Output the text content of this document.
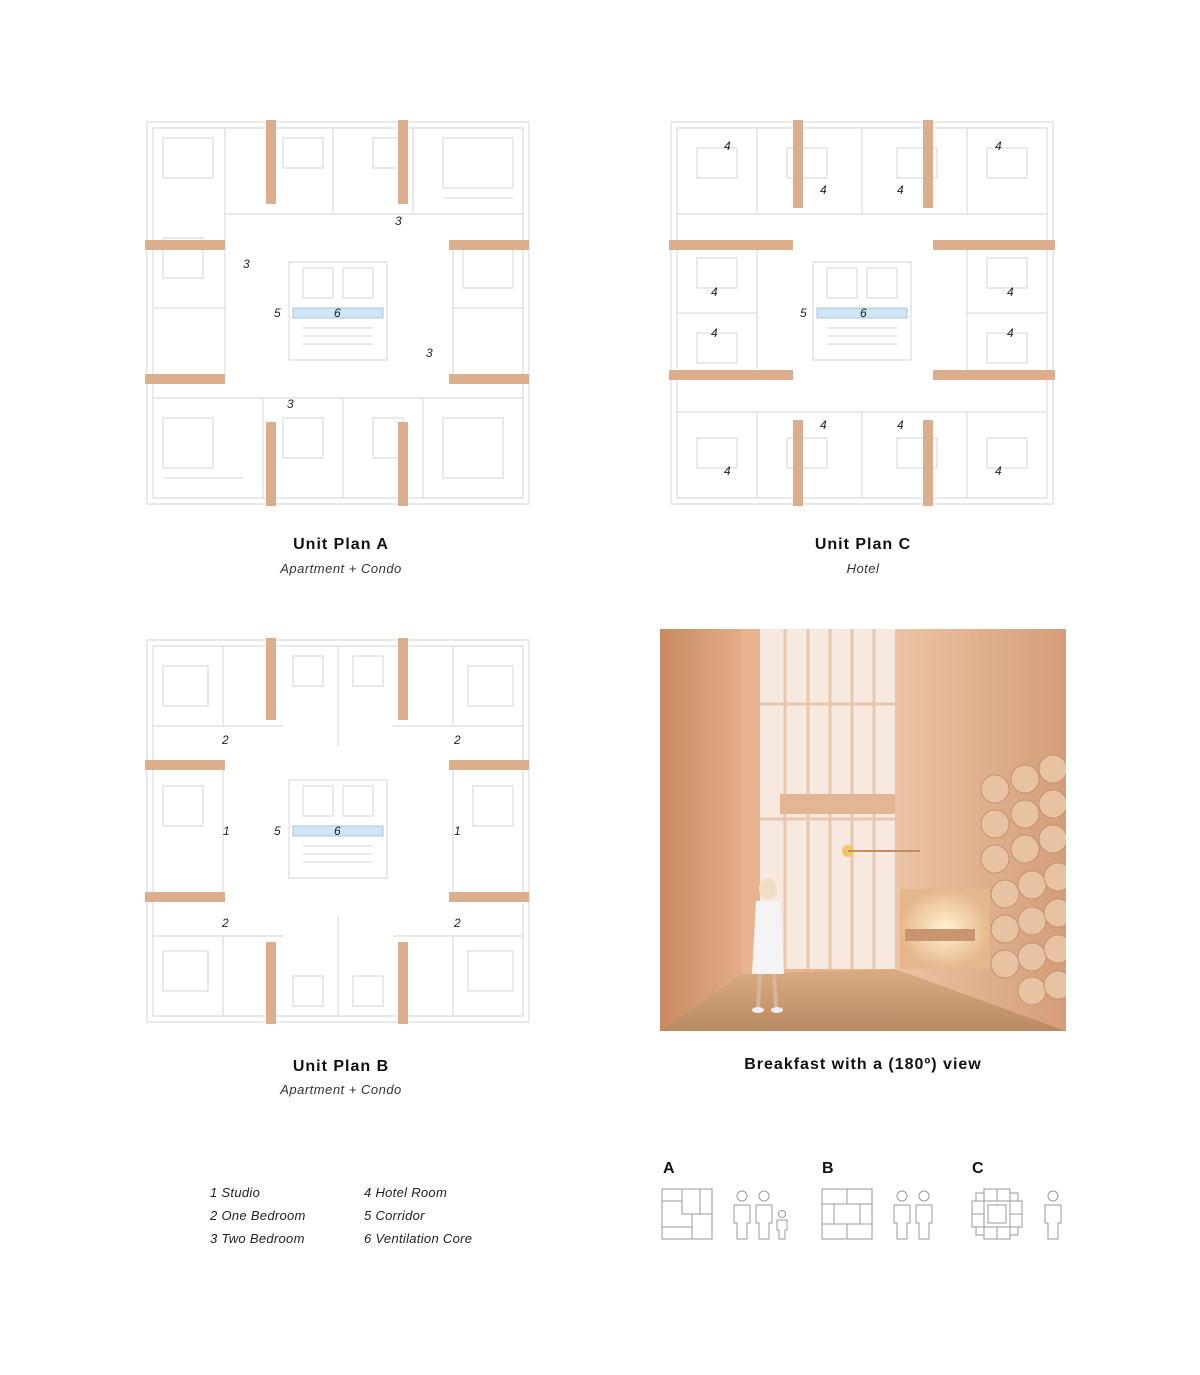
3
3
5	6
3
3
Unit Plan A
Apartment + Condo
4	4
4	4
4	4
4
5	6
4
4	4
4	4
Unit Plan C
Hotel
2	2
1	5	6	1
2	2
Unit Plan B
Apartment + Condo
Breakfast with a (180º) view
1 Studio
2 One Bedroom
3 Two Bedroom
4 Hotel Room
5 Corridor
6 Ventilation Core
A	B	C
